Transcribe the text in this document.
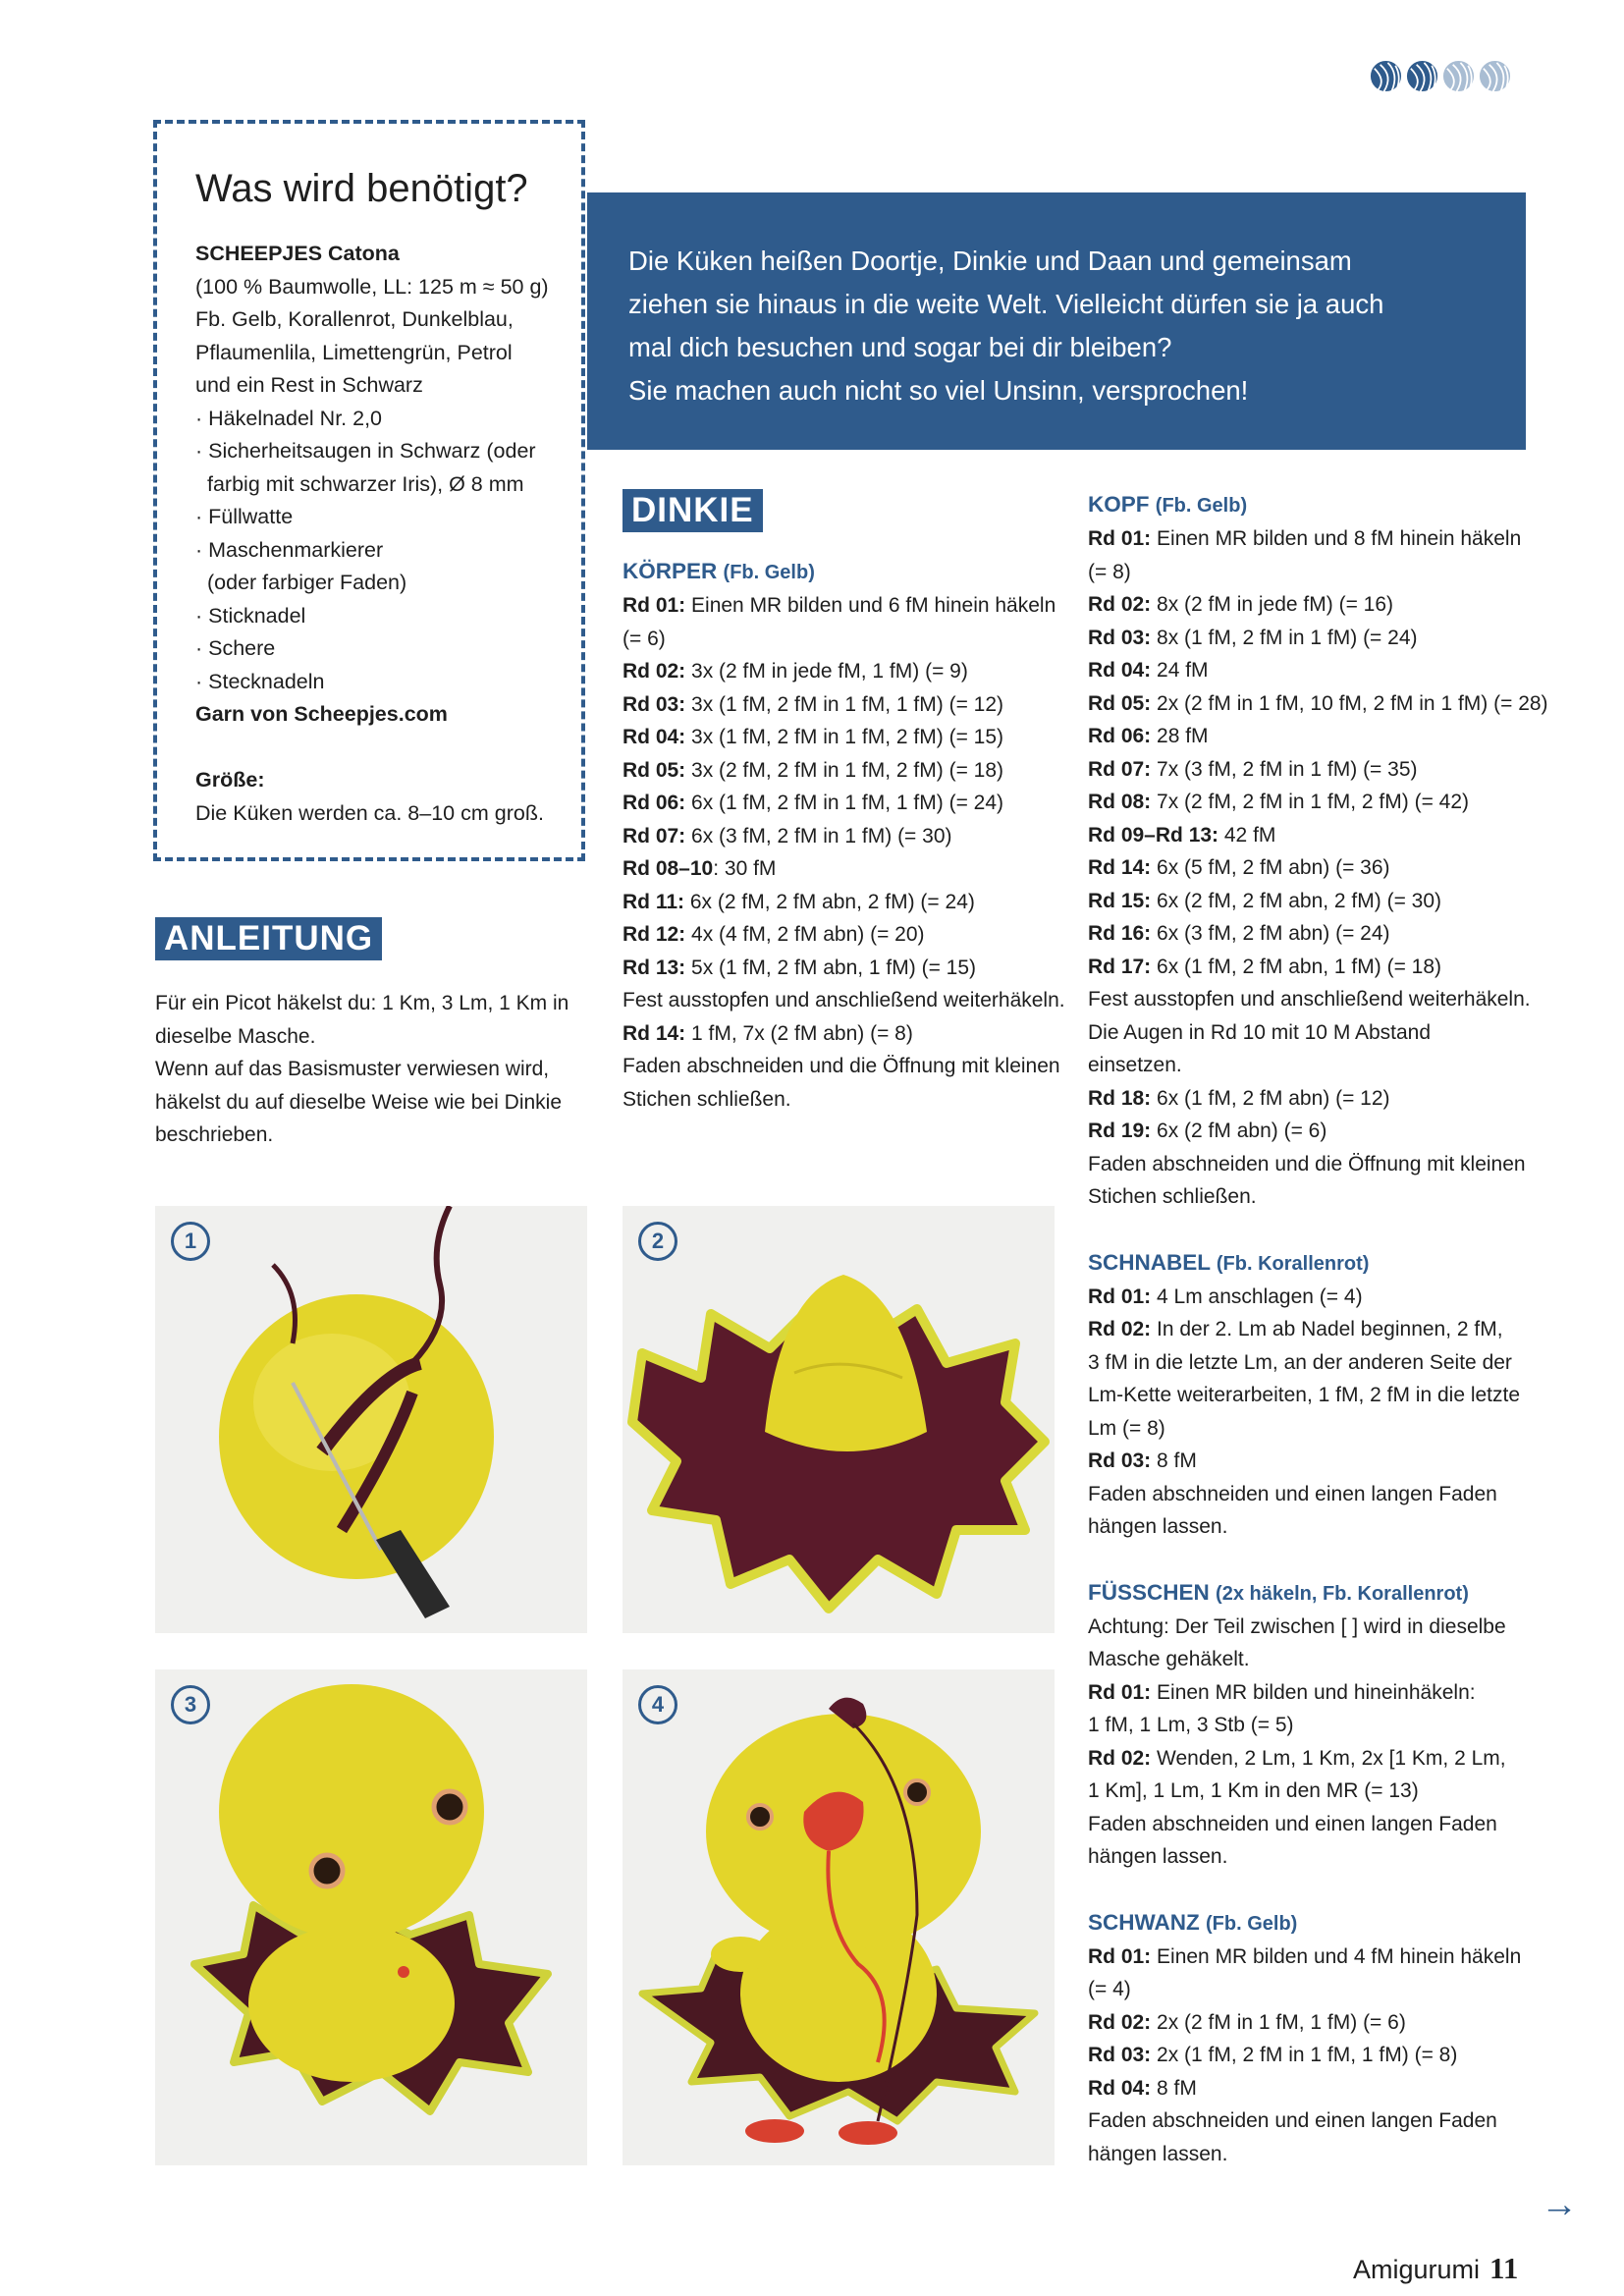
Was wird benötigt?
SCHEEPJES Catona
(100 % Baumwolle, LL: 125 m ≈ 50 g)
Fb. Gelb, Korallenrot, Dunkelblau,
Pflaumenlila, Limettengrün, Petrol
und ein Rest in Schwarz
· Häkelnadel Nr. 2,0
· Sicherheitsaugen in Schwarz (oder
farbig mit schwarzer Iris), Ø 8 mm
· Füllwatte
· Maschenmarkierer
(oder farbiger Faden)
· Sticknadel
· Schere
· Stecknadeln
Garn von Scheepjes.com
Größe:
Die Küken werden ca. 8–10 cm groß.
Die Küken heißen Doortje, Dinkie und Daan und gemeinsam
ziehen sie hinaus in die weite Welt. Vielleicht dürfen sie ja auch
mal dich besuchen und sogar bei dir bleiben?
Sie machen auch nicht so viel Unsinn, versprochen!
ANLEITUNG
Für ein Picot häkelst du: 1 Km, 3 Lm, 1 Km in
dieselbe Masche.
Wenn auf das Basismuster verwiesen wird,
häkelst du auf dieselbe Weise wie bei Dinkie
beschrieben.
DINKIE
KÖRPER (Fb. Gelb)
Rd 01: Einen MR bilden und 6 fM hinein häkeln
(= 6)
Rd 02: 3x (2 fM in jede fM, 1 fM) (= 9)
Rd 03: 3x (1 fM, 2 fM in 1 fM, 1 fM) (= 12)
Rd 04: 3x (1 fM, 2 fM in 1 fM, 2 fM) (= 15)
Rd 05: 3x (2 fM, 2 fM in 1 fM, 2 fM) (= 18)
Rd 06: 6x (1 fM, 2 fM in 1 fM, 1 fM) (= 24)
Rd 07: 6x (3 fM, 2 fM in 1 fM) (= 30)
Rd 08–10: 30 fM
Rd 11: 6x (2 fM, 2 fM abn, 2 fM) (= 24)
Rd 12: 4x (4 fM, 2 fM abn) (= 20)
Rd 13: 5x (1 fM, 2 fM abn, 1 fM) (= 15)
Fest ausstopfen und anschließend weiterhäkeln.
Rd 14: 1 fM, 7x (2 fM abn) (= 8)
Faden abschneiden und die Öffnung mit kleinen
Stichen schließen.
KOPF (Fb. Gelb)
Rd 01: Einen MR bilden und 8 fM hinein häkeln
(= 8)
Rd 02: 8x (2 fM in jede fM) (= 16)
Rd 03: 8x (1 fM, 2 fM in 1 fM) (= 24)
Rd 04: 24 fM
Rd 05: 2x (2 fM in 1 fM, 10 fM, 2 fM in 1 fM) (= 28)
Rd 06: 28 fM
Rd 07: 7x (3 fM, 2 fM in 1 fM) (= 35)
Rd 08: 7x (2 fM, 2 fM in 1 fM, 2 fM) (= 42)
Rd 09–Rd 13: 42 fM
Rd 14: 6x (5 fM, 2 fM abn) (= 36)
Rd 15: 6x (2 fM, 2 fM abn, 2 fM) (= 30)
Rd 16: 6x (3 fM, 2 fM abn) (= 24)
Rd 17: 6x (1 fM, 2 fM abn, 1 fM) (= 18)
Fest ausstopfen und anschließend weiterhäkeln.
Die Augen in Rd 10 mit 10 M Abstand
einsetzen.
Rd 18: 6x (1 fM, 2 fM abn) (= 12)
Rd 19: 6x (2 fM abn) (= 6)
Faden abschneiden und die Öffnung mit kleinen
Stichen schließen.
SCHNABEL (Fb. Korallenrot)
Rd 01: 4 Lm anschlagen (= 4)
Rd 02: In der 2. Lm ab Nadel beginnen, 2 fM,
3 fM in die letzte Lm, an der anderen Seite der
Lm-Kette weiterarbeiten, 1 fM, 2 fM in die letzte
Lm (= 8)
Rd 03: 8 fM
Faden abschneiden und einen langen Faden
hängen lassen.
FÜSSCHEN (2x häkeln, Fb. Korallenrot)
Achtung: Der Teil zwischen [ ] wird in dieselbe
Masche gehäkelt.
Rd 01: Einen MR bilden und hineinhäkeln:
1 fM, 1 Lm, 3 Stb (= 5)
Rd 02: Wenden, 2 Lm, 1 Km, 2x [1 Km, 2 Lm,
1 Km], 1 Lm, 1 Km in den MR (= 13)
Faden abschneiden und einen langen Faden
hängen lassen.
SCHWANZ (Fb. Gelb)
Rd 01: Einen MR bilden und 4 fM hinein häkeln
(= 4)
Rd 02: 2x (2 fM in 1 fM, 1 fM) (= 6)
Rd 03: 2x (1 fM, 2 fM in 1 fM, 1 fM) (= 8)
Rd 04: 8 fM
Faden abschneiden und einen langen Faden
hängen lassen.
1	2
3	4
→
Amigurumi 11
